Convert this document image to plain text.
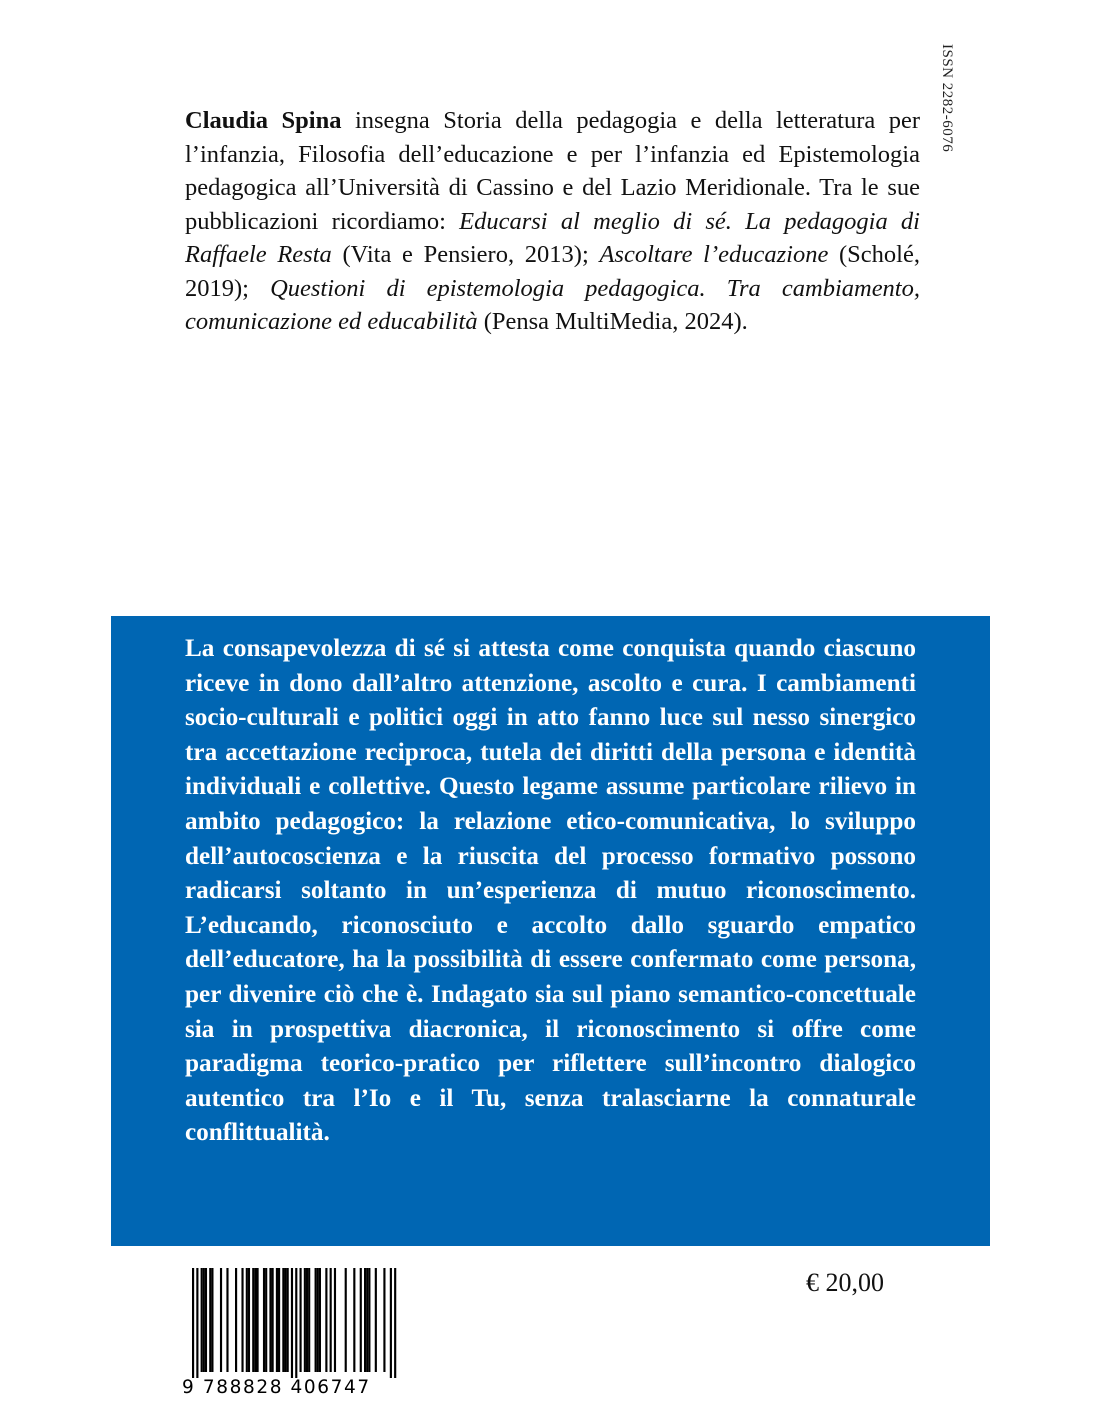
ISSN 2282-6076

Claudia Spina insegna Storia della pedagogia e della letteratura per l’infanzia, Filosofia dell’educazione e per l’infanzia ed Epistemologia pedagogica all’Università di Cassino e del Lazio Meridionale. Tra le sue pubblicazioni ricordiamo: Educarsi al meglio di sé. La pedagogia di Raffaele Resta (Vita e Pensiero, 2013); Ascoltare l’educazione (Scholé, 2019); Questioni di epistemologia pedagogica. Tra cambiamento, comunicazione ed educabilità (Pensa MultiMedia, 2024).

La consapevolezza di sé si attesta come conquista quando ciascuno riceve in dono dall’altro attenzione, ascolto e cura. I cambiamenti socio-culturali e politici oggi in atto fanno luce sul nesso sinergico tra accettazione reciproca, tutela dei diritti della persona e identità individuali e collettive. Questo legame assume particolare rilievo in ambito pedagogico: la relazione etico-comunicativa, lo sviluppo dell’autocoscienza e la riuscita del processo formativo possono radicarsi soltanto in un’esperienza di mutuo riconoscimento. L’educando, riconosciuto e accolto dallo sguardo empatico dell’educatore, ha la possibilità di essere confermato come persona, per divenire ciò che è. Indagato sia sul piano semantico-concettuale sia in prospettiva diacronica, il riconoscimento si offre come paradigma teorico-pratico per riflettere sull’incontro dialogico autentico tra l’Io e il Tu, senza tralasciarne la connaturale conflittualità.

9 788828 406747
€ 20,00
